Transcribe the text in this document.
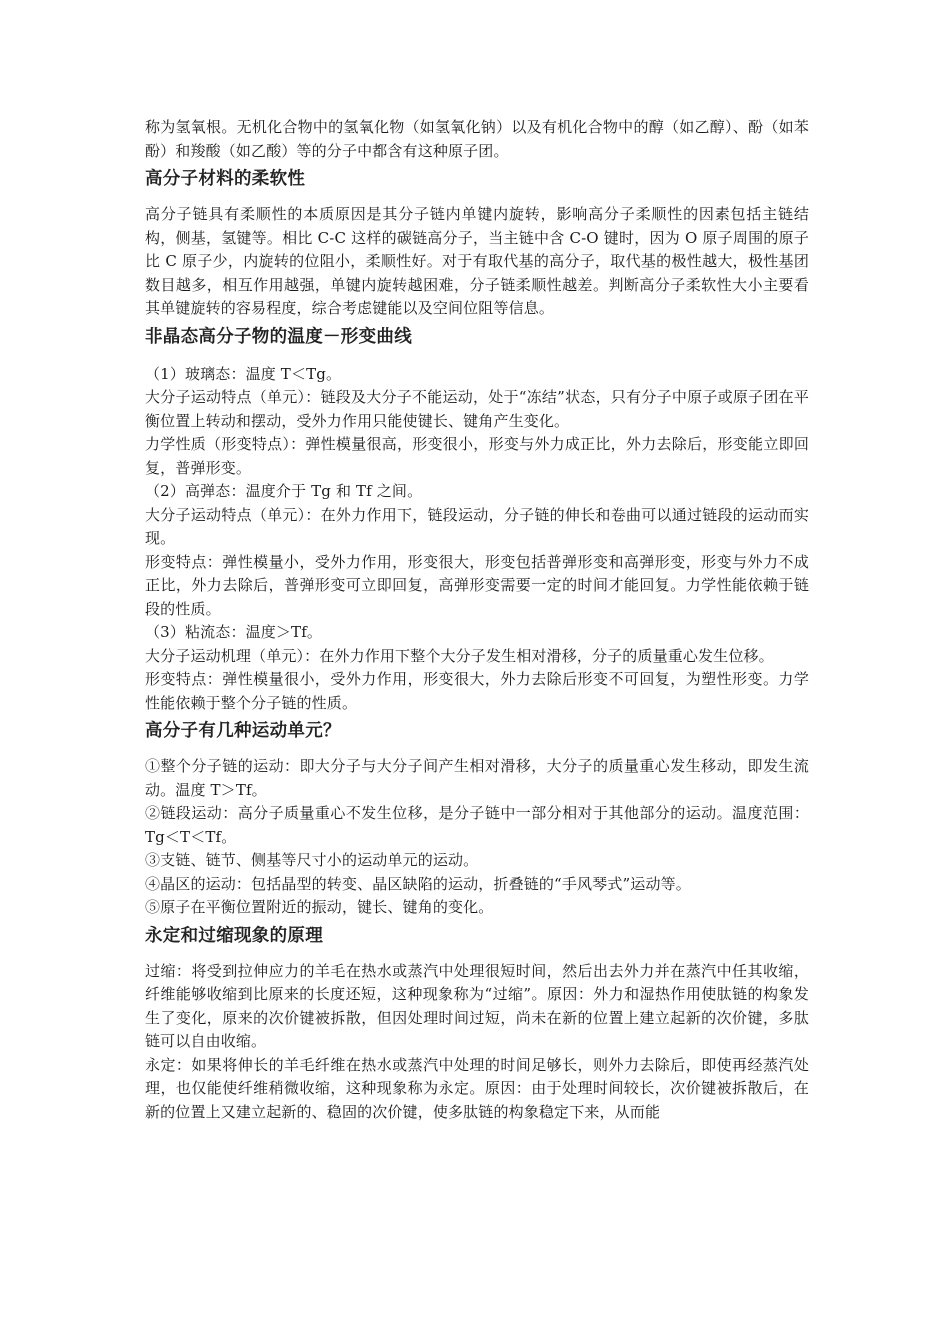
称为氢氧根。无机化合物中的氢氧化物（如氢氧化钠）以及有机化合物中的醇（如乙醇）、酚（如苯酚）和羧酸（如乙酸）等的分子中都含有这种原子团。

高分子材料的柔软性

高分子链具有柔顺性的本质原因是其分子链内单键内旋转，影响高分子柔顺性的因素包括主链结构，侧基，氢键等。相比 C-C 这样的碳链高分子，当主链中含 C-O 键时，因为 O 原子周围的原子比 C 原子少，内旋转的位阻小，柔顺性好。对于有取代基的高分子，取代基的极性越大，极性基团数目越多，相互作用越强，单键内旋转越困难，分子链柔顺性越差。判断高分子柔软性大小主要看其单键旋转的容易程度，综合考虑键能以及空间位阻等信息。

非晶态高分子物的温度－形变曲线

（1）玻璃态：温度 T＜Tg。

大分子运动特点（单元）：链段及大分子不能运动，处于“冻结”状态，只有分子中原子或原子团在平衡位置上转动和摆动，受外力作用只能使键长、键角产生变化。

力学性质（形变特点）：弹性模量很高，形变很小，形变与外力成正比，外力去除后，形变能立即回复，普弹形变。

（2）高弹态：温度介于 Tg 和 Tf 之间。

大分子运动特点（单元）：在外力作用下，链段运动，分子链的伸长和卷曲可以通过链段的运动而实现。

形变特点：弹性模量小，受外力作用，形变很大，形变包括普弹形变和高弹形变，形变与外力不成正比，外力去除后，普弹形变可立即回复，高弹形变需要一定的时间才能回复。力学性能依赖于链段的性质。

（3）粘流态：温度＞Tf。

大分子运动机理（单元）：在外力作用下整个大分子发生相对滑移，分子的质量重心发生位移。

形变特点：弹性模量很小，受外力作用，形变很大，外力去除后形变不可回复，为塑性形变。力学性能依赖于整个分子链的性质。

高分子有几种运动单元？

①整个分子链的运动：即大分子与大分子间产生相对滑移，大分子的质量重心发生移动，即发生流动。温度 T＞Tf。

②链段运动：高分子质量重心不发生位移，是分子链中一部分相对于其他部分的运动。温度范围：Tg＜T＜Tf。

③支链、链节、侧基等尺寸小的运动单元的运动。

④晶区的运动：包括晶型的转变、晶区缺陷的运动，折叠链的“手风琴式”运动等。

⑤原子在平衡位置附近的振动，键长、键角的变化。

永定和过缩现象的原理

过缩：将受到拉伸应力的羊毛在热水或蒸汽中处理很短时间，然后出去外力并在蒸汽中任其收缩，纤维能够收缩到比原来的长度还短，这种现象称为“过缩”。原因：外力和湿热作用使肽链的构象发生了变化，原来的次价键被拆散，但因处理时间过短，尚未在新的位置上建立起新的次价键，多肽链可以自由收缩。

永定：如果将伸长的羊毛纤维在热水或蒸汽中处理的时间足够长，则外力去除后，即使再经蒸汽处理，也仅能使纤维稍微收缩，这种现象称为永定。原因：由于处理时间较长，次价键被拆散后，在新的位置上又建立起新的、稳固的次价键，使多肽链的构象稳定下来，从而能
